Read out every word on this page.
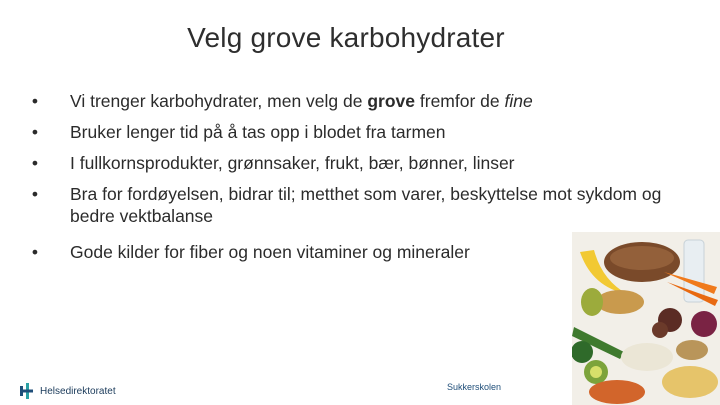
Velg grove karbohydrater
• Vi trenger karbohydrater, men velg de grove fremfor de fine
• Bruker lenger tid på å tas opp i blodet fra tarmen
• I fullkornsprodukter, grønnsaker, frukt, bær, bønner, linser
• Bra for fordøyelsen, bidrar til; metthet som varer, beskyttelse mot sykdom og bedre vektbalanse
• Gode kilder for fiber og noen vitaminer og mineraler
Helsedirektoratet	Sukkerskolen
